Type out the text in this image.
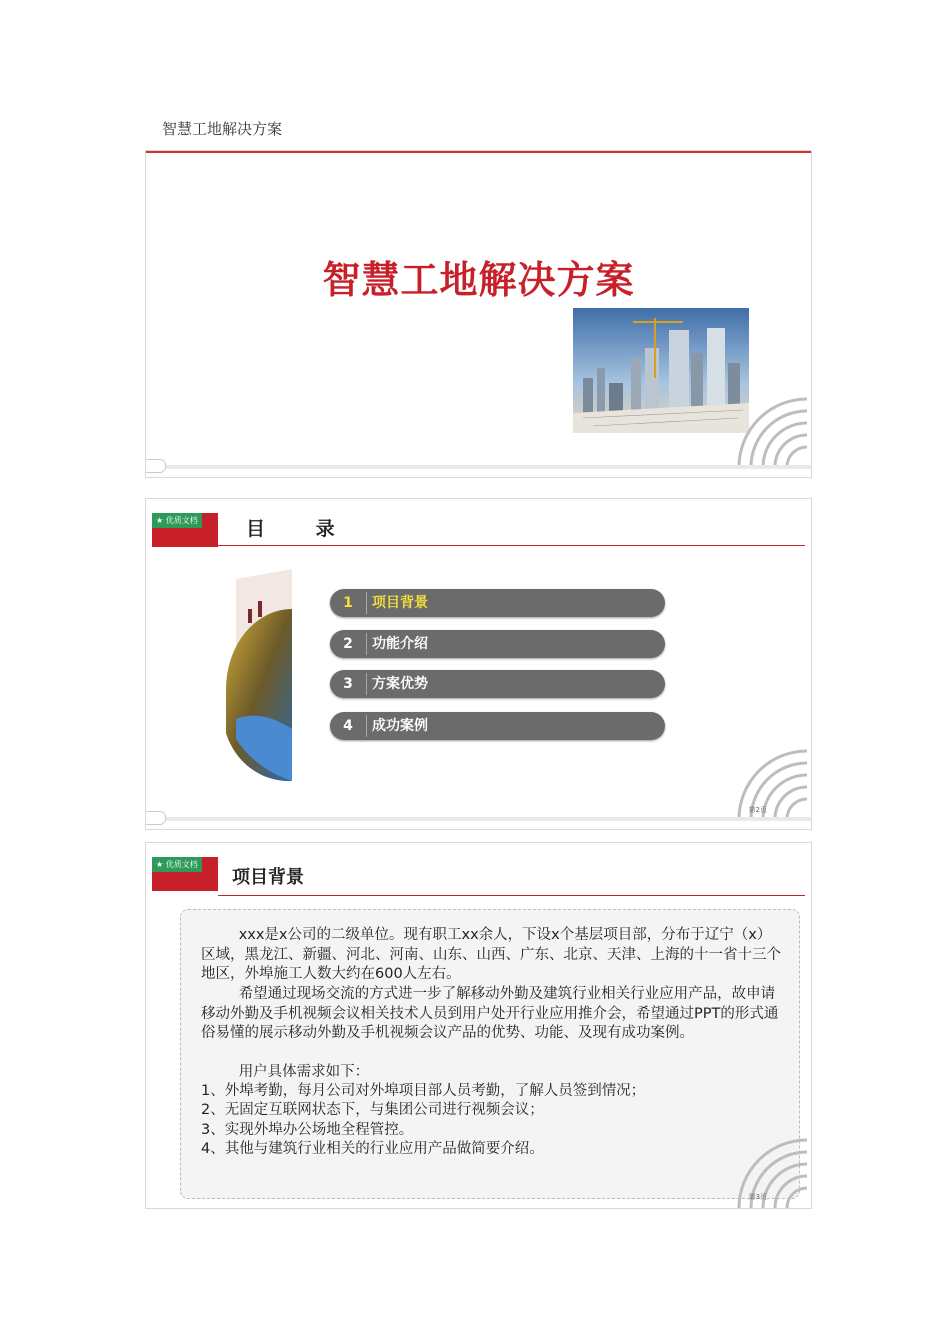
智慧工地解决方案
智慧工地解决方案
★ 优质文档	目 录
1	项目背景
2	功能介绍
3	方案优势
4	成功案例
第2页
★ 优质文档
项目背景

xxx是x公司的二级单位。现有职工xx余人，下设x个基层项目部，分布于辽宁（x）区域，黑龙江、新疆、河北、河南、山东、山西、广东、北京、天津、上海的十一省十三个地区，外埠施工人数大约在600人左右。

希望通过现场交流的方式进一步了解移动外勤及建筑行业相关行业应用产品，故申请移动外勤及手机视频会议相关技术人员到用户处开行业应用推介会，希望通过PPT的形式通俗易懂的展示移动外勤及手机视频会议产品的优势、功能、及现有成功案例。

用户具体需求如下：

1、外埠考勤，每月公司对外埠项目部人员考勤，了解人员签到情况；

2、无固定互联网状态下，与集团公司进行视频会议；

3、实现外埠办公场地全程管控。

4、其他与建筑行业相关的行业应用产品做简要介绍。

第3页
